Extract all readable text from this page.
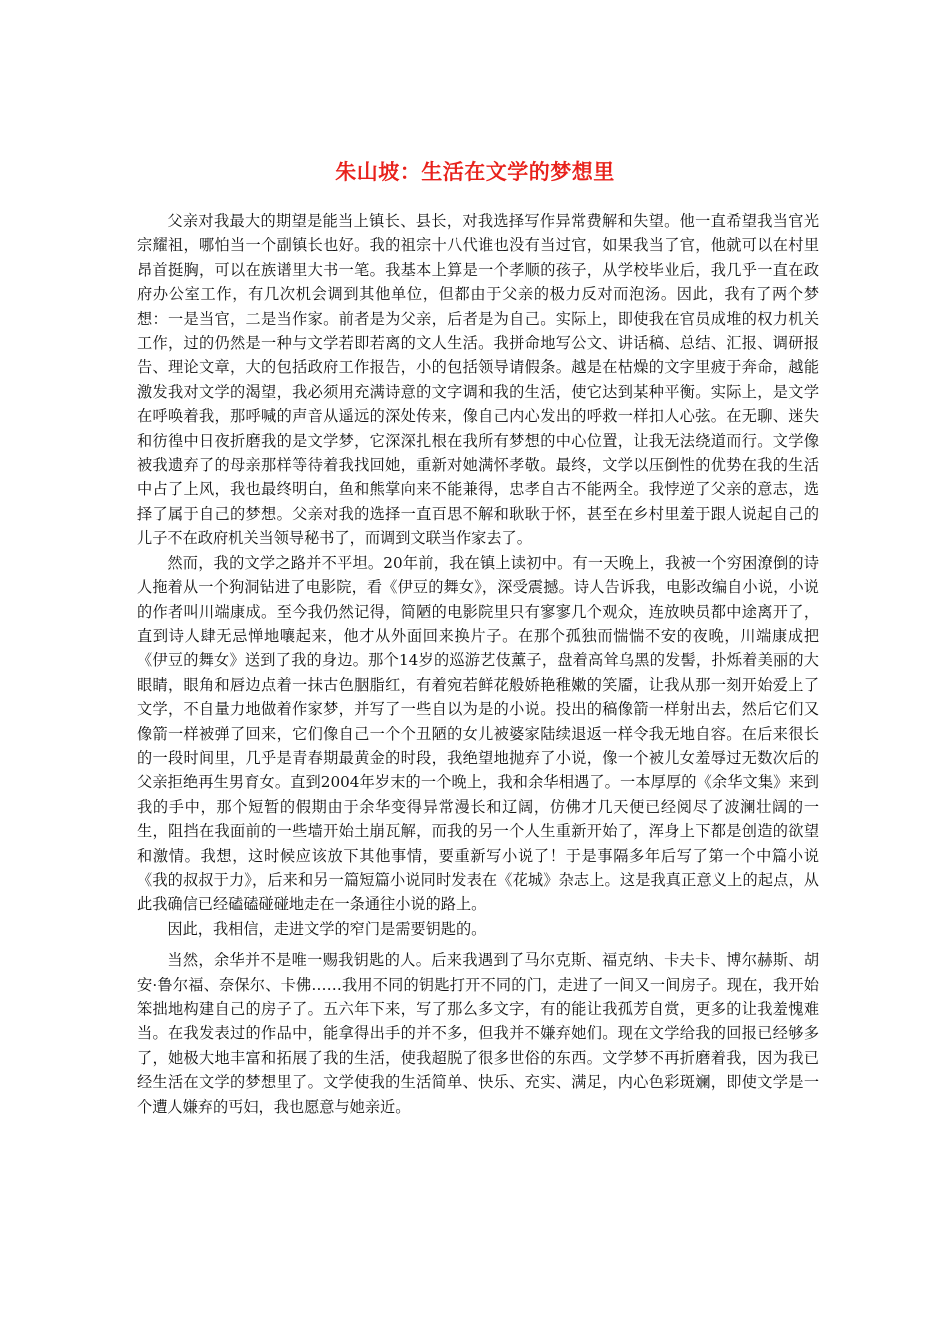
朱山坡：生活在文学的梦想里

父亲对我最大的期望是能当上镇长、县长，对我选择写作异常费解和失望。他一直希望我当官光宗耀祖，哪怕当一个副镇长也好。我的祖宗十八代谁也没有当过官，如果我当了官，他就可以在村里昂首挺胸，可以在族谱里大书一笔。我基本上算是一个孝顺的孩子，从学校毕业后，我几乎一直在政府办公室工作，有几次机会调到其他单位，但都由于父亲的极力反对而泡汤。因此，我有了两个梦想：一是当官，二是当作家。前者是为父亲，后者是为自己。实际上，即使我在官员成堆的权力机关工作，过的仍然是一种与文学若即若离的文人生活。我拼命地写公文、讲话稿、总结、汇报、调研报告、理论文章，大的包括政府工作报告，小的包括领导请假条。越是在枯燥的文字里疲于奔命，越能激发我对文学的渴望，我必须用充满诗意的文字调和我的生活，使它达到某种平衡。实际上，是文学在呼唤着我，那呼喊的声音从遥远的深处传来，像自己内心发出的呼救一样扣人心弦。在无聊、迷失和彷徨中日夜折磨我的是文学梦，它深深扎根在我所有梦想的中心位置，让我无法绕道而行。文学像被我遗弃了的母亲那样等待着我找回她，重新对她满怀孝敬。最终，文学以压倒性的优势在我的生活中占了上风，我也最终明白，鱼和熊掌向来不能兼得，忠孝自古不能两全。我悖逆了父亲的意志，选择了属于自己的梦想。父亲对我的选择一直百思不解和耿耿于怀，甚至在乡村里羞于跟人说起自己的儿子不在政府机关当领导秘书了，而调到文联当作家去了。

然而，我的文学之路并不平坦。20年前，我在镇上读初中。有一天晚上，我被一个穷困潦倒的诗人拖着从一个狗洞钻进了电影院，看《伊豆的舞女》，深受震撼。诗人告诉我，电影改编自小说，小说的作者叫川端康成。至今我仍然记得，简陋的电影院里只有寥寥几个观众，连放映员都中途离开了，直到诗人肆无忌惮地嚷起来，他才从外面回来换片子。在那个孤独而惴惴不安的夜晚，川端康成把《伊豆的舞女》送到了我的身边。那个14岁的巡游艺伎薰子，盘着高耸乌黑的发髻，扑烁着美丽的大眼睛，眼角和唇边点着一抹古色胭脂红，有着宛若鲜花般娇艳稚嫩的笑靥，让我从那一刻开始爱上了文学，不自量力地做着作家梦，并写了一些自以为是的小说。投出的稿像箭一样射出去，然后它们又像箭一样被弹了回来，它们像自己一个个丑陋的女儿被婆家陆续退返一样令我无地自容。在后来很长的一段时间里，几乎是青春期最黄金的时段，我绝望地抛弃了小说，像一个被儿女羞辱过无数次后的父亲拒绝再生男育女。直到2004年岁末的一个晚上，我和余华相遇了。一本厚厚的《余华文集》来到我的手中，那个短暂的假期由于余华变得异常漫长和辽阔，仿佛才几天便已经阅尽了波澜壮阔的一生，阻挡在我面前的一些墙开始土崩瓦解，而我的另一个人生重新开始了，浑身上下都是创造的欲望和激情。我想，这时候应该放下其他事情，要重新写小说了！于是事隔多年后写了第一个中篇小说《我的叔叔于力》，后来和另一篇短篇小说同时发表在《花城》杂志上。这是我真正意义上的起点，从此我确信已经磕磕碰碰地走在一条通往小说的路上。

因此，我相信，走进文学的窄门是需要钥匙的。

当然，余华并不是唯一赐我钥匙的人。后来我遇到了马尔克斯、福克纳、卡夫卡、博尔赫斯、胡安·鲁尔福、奈保尔、卡佛……我用不同的钥匙打开不同的门，走进了一间又一间房子。现在，我开始笨拙地构建自己的房子了。五六年下来，写了那么多文字，有的能让我孤芳自赏，更多的让我羞愧难当。在我发表过的作品中，能拿得出手的并不多，但我并不嫌弃她们。现在文学给我的回报已经够多了，她极大地丰富和拓展了我的生活，使我超脱了很多世俗的东西。文学梦不再折磨着我，因为我已经生活在文学的梦想里了。文学使我的生活简单、快乐、充实、满足，内心色彩斑斓，即使文学是一个遭人嫌弃的丐妇，我也愿意与她亲近。
